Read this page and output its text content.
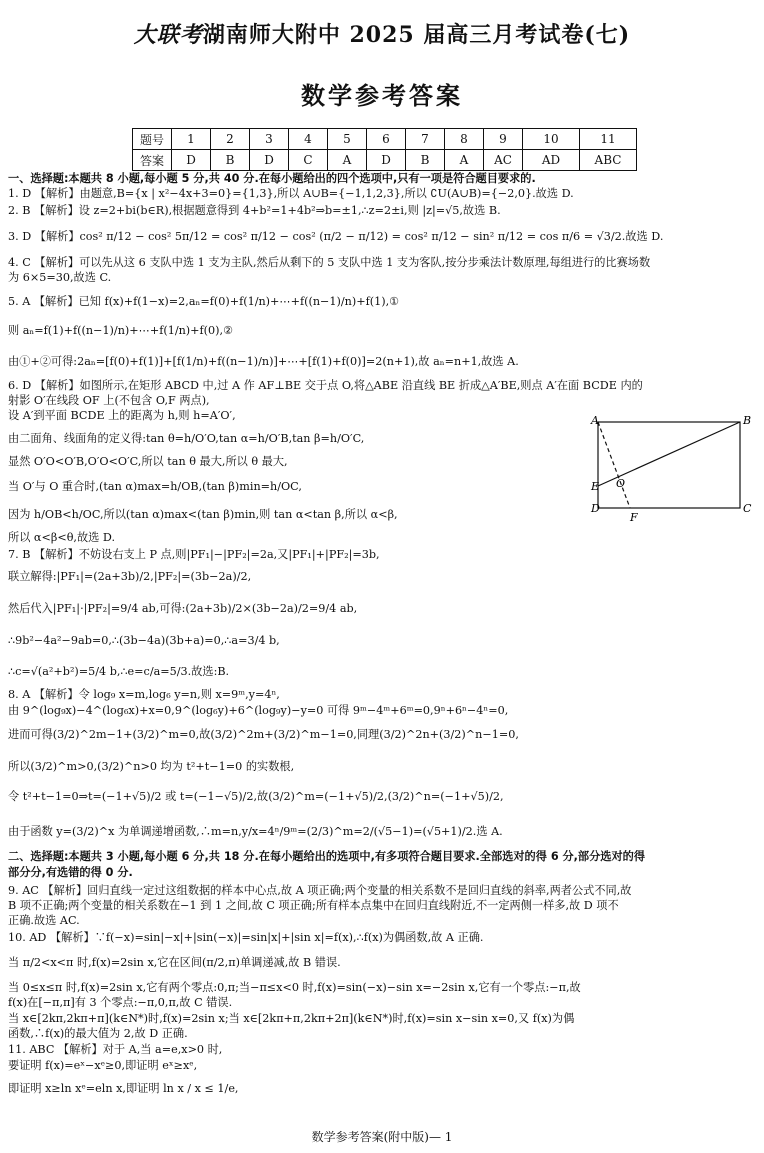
大联考湖南师大附中 2025 届高三月考试卷(七)
数学参考答案
题号	1	2	3	4	5	6	7	8	9	10	11
答案	D	B	D	C	A	D	B	A	AC	AD	ABC
一、选择题:本题共 8 小题,每小题 5 分,共 40 分.在每小题给出的四个选项中,只有一项是符合题目要求的.
1. D 【解析】由题意,B={x | x²−4x+3=0}={1,3},所以 A∪B={−1,1,2,3},所以 ∁U(A∪B)={−2,0}.故选 D.
2. B 【解析】设 z=2+bi(b∈R),根据题意得到 4+b²=1+4b²⇒b=±1,∴z=2±i,则 |z|=√5,故选 B.
3. D 【解析】cos² π/12 − cos² 5π/12 = cos² π/12 − cos² (π/2 − π/12) = cos² π/12 − sin² π/12 = cos π/6 = √3/2.故选 D.
4. C 【解析】可以先从这 6 支队中选 1 支为主队,然后从剩下的 5 支队中选 1 支为客队,按分步乘法计数原理,每组进行的比赛场数
为 6×5=30,故选 C.
5. A 【解析】已知 f(x)+f(1−x)=2,aₙ=f(0)+f(1/n)+⋯+f((n−1)/n)+f(1),①
则 aₙ=f(1)+f((n−1)/n)+⋯+f(1/n)+f(0),②
由①+②可得:2aₙ=[f(0)+f(1)]+[f(1/n)+f((n−1)/n)]+⋯+[f(1)+f(0)]=2(n+1),故 aₙ=n+1,故选 A.
6. D 【解析】如图所示,在矩形 ABCD 中,过 A 作 AF⊥BE 交于点 O,将△ABE 沿直线 BE 折成△A′BE,则点 A′在面 BCDE 内的
射影 O′在线段 OF 上(不包含 O,F 两点),
设 A′到平面 BCDE 上的距离为 h,则 h=A′O′,
由二面角、线面角的定义得:tan θ=h/O′O,tan α=h/O′B,tan β=h/O′C,
显然 O′O<O′B,O′O<O′C,所以 tan θ 最大,所以 θ 最大,
当 O′与 O 重合时,(tan α)max=h/OB,(tan β)min=h/OC,
因为 h/OB<h/OC,所以(tan α)max<(tan β)min,则 tan α<tan β,所以 α<β,
所以 α<β<θ,故选 D.
7. B 【解析】不妨设右支上 P 点,则|PF₁|−|PF₂|=2a,又|PF₁|+|PF₂|=3b,
联立解得:|PF₁|=(2a+3b)/2,|PF₂|=(3b−2a)/2,
然后代入|PF₁|·|PF₂|=9/4 ab,可得:(2a+3b)/2×(3b−2a)/2=9/4 ab,
∴9b²−4a²−9ab=0,∴(3b−4a)(3b+a)=0,∴a=3/4 b,
∴c=√(a²+b²)=5/4 b,∴e=c/a=5/3.故选:B.
8. A 【解析】令 log₉ x=m,log₆ y=n,则 x=9ᵐ,y=4ⁿ,
由 9^(log₉x)−4^(log₆x)+x=0,9^(log₆y)+6^(log₉y)−y=0 可得 9ᵐ−4ᵐ+6ᵐ=0,9ⁿ+6ⁿ−4ⁿ=0,
进而可得(3/2)^2m−1+(3/2)^m=0,故(3/2)^2m+(3/2)^m−1=0,同理(3/2)^2n+(3/2)^n−1=0,
所以(3/2)^m>0,(3/2)^n>0 均为 t²+t−1=0 的实数根,
令 t²+t−1=0⇒t=(−1+√5)/2 或 t=(−1−√5)/2,故(3/2)^m=(−1+√5)/2,(3/2)^n=(−1+√5)/2,
由于函数 y=(3/2)^x 为单调递增函数,∴m=n,y/x=4ⁿ/9ᵐ=(2/3)^m=2/(√5−1)=(√5+1)/2.选 A.
二、选择题:本题共 3 小题,每小题 6 分,共 18 分.在每小题给出的选项中,有多项符合题目要求.全部选对的得 6 分,部分选对的得
部分分,有选错的得 0 分.
9. AC 【解析】回归直线一定过这组数据的样本中心点,故 A 项正确;两个变量的相关系数不是回归直线的斜率,两者公式不同,故
B 项不正确;两个变量的相关系数在−1 到 1 之间,故 C 项正确;所有样本点集中在回归直线附近,不一定两侧一样多,故 D 项不
正确.故选 AC.
10. AD 【解析】∵f(−x)=sin|−x|+|sin(−x)|=sin|x|+|sin x|=f(x),∴f(x)为偶函数,故 A 正确.
当 π/2<x<π 时,f(x)=2sin x,它在区间(π/2,π)单调递减,故 B 错误.
当 0≤x≤π 时,f(x)=2sin x,它有两个零点:0,π;当−π≤x<0 时,f(x)=sin(−x)−sin x=−2sin x,它有一个零点:−π,故
f(x)在[−π,π]有 3 个零点:−π,0,π,故 C 错误.
当 x∈[2kπ,2kπ+π](k∈N*)时,f(x)=2sin x;当 x∈[2kπ+π,2kπ+2π](k∈N*)时,f(x)=sin x−sin x=0,又 f(x)为偶
函数,∴f(x)的最大值为 2,故 D 正确.
11. ABC 【解析】对于 A,当 a=e,x>0 时,
要证明 f(x)=eˣ−xᵉ≥0,即证明 eˣ≥xᵉ,
即证明 x≥ln xᵉ=eln x,即证明 ln x / x ≤ 1/e,
A	B
E O
D
F
C
数学参考答案(附中版)— 1
